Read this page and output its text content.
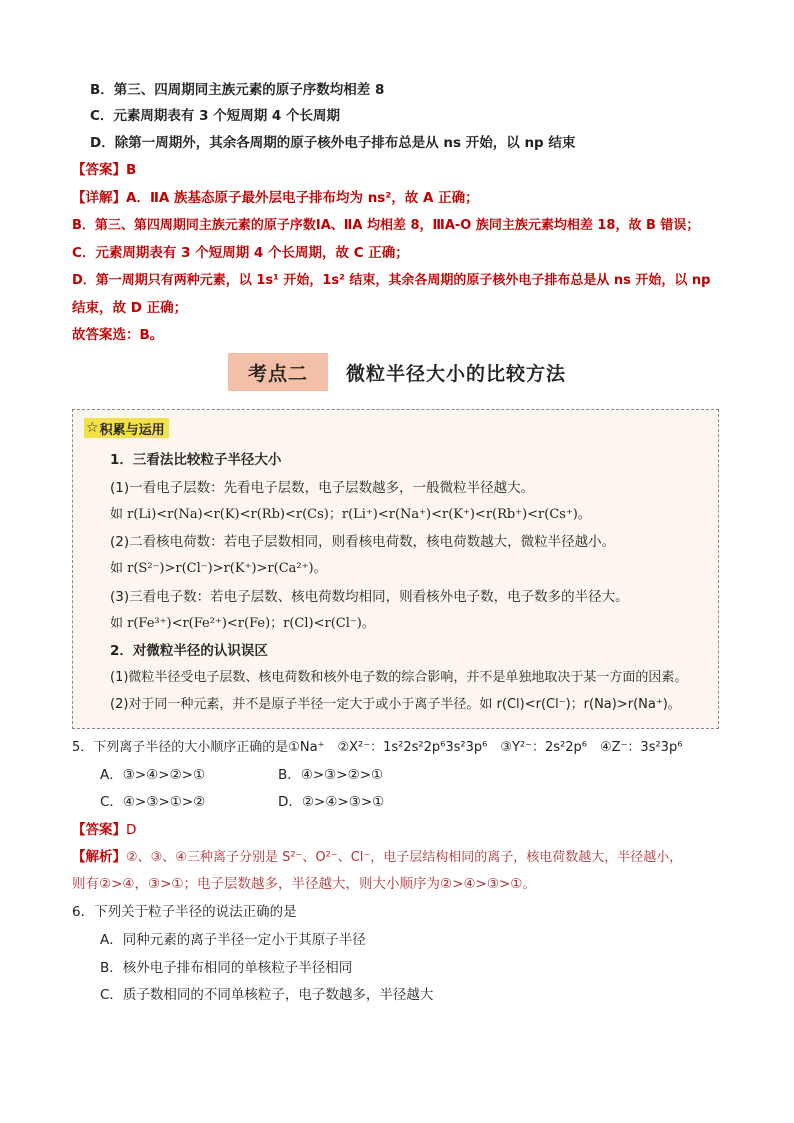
B．第三、四周期同主族元素的原子序数均相差 8
C．元素周期表有 3 个短周期 4 个长周期
D．除第一周期外，其余各周期的原子核外电子排布总是从 ns 开始，以 np 结束
【答案】B
【详解】A．ⅡA 族基态原子最外层电子排布均为 ns²，故 A 正确；
B．第三、第四周期同主族元素的原子序数ⅠA、ⅡA 均相差 8，ⅢA-O 族同主族元素均相差 18，故 B 错误；
C．元素周期表有 3 个短周期 4 个长周期，故 C 正确；
D．第一周期只有两种元素，以 1s¹ 开始，1s² 结束，其余各周期的原子核外电子排布总是从 ns 开始，以 np
结束，故 D 正确；
故答案选：B。
考点二	微粒半径大小的比较方法
☆ 积累与运用
1．三看法比较粒子半径大小
(1)一看电子层数：先看电子层数，电子层数越多，一般微粒半径越大。
如 r(Li)<r(Na)<r(K)<r(Rb)<r(Cs)；r(Li⁺)<r(Na⁺)<r(K⁺)<r(Rb⁺)<r(Cs⁺)。
(2)二看核电荷数：若电子层数相同，则看核电荷数，核电荷数越大，微粒半径越小。
如 r(S²⁻)>r(Cl⁻)>r(K⁺)>r(Ca²⁺)。
(3)三看电子数：若电子层数、核电荷数均相同，则看核外电子数，电子数多的半径大。
如 r(Fe³⁺)<r(Fe²⁺)<r(Fe)；r(Cl)<r(Cl⁻)。
2．对微粒半径的认识误区
(1)微粒半径受电子层数、核电荷数和核外电子数的综合影响，并不是单独地取决于某一方面的因素。
(2)对于同一种元素，并不是原子半径一定大于或小于离子半径。如 r(Cl)<r(Cl⁻)；r(Na)>r(Na⁺)。
5．下列离子半径的大小顺序正确的是①Na⁺　②X²⁻：1s²2s²2p⁶3s²3p⁶　③Y²⁻：2s²2p⁶　④Z⁻：3s²3p⁶
A．③>④>②>①	B．④>③>②>①
C．④>③>①>②	D．②>④>③>①
【答案】D
【解析】②、③、④三种离子分别是 S²⁻、O²⁻、Cl⁻，电子层结构相同的离子，核电荷数越大，半径越小，
则有②>④，③>①；电子层数越多，半径越大，则大小顺序为②>④>③>①。
6．下列关于粒子半径的说法正确的是
A．同种元素的离子半径一定小于其原子半径
B．核外电子排布相同的单核粒子半径相同
C．质子数相同的不同单核粒子，电子数越多，半径越大
